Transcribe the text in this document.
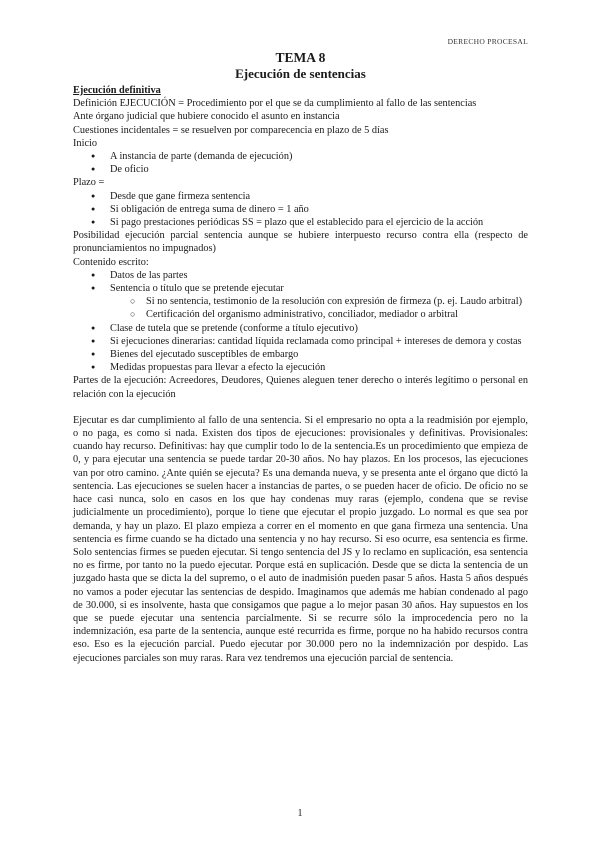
DERECHO PROCESAL
TEMA 8
Ejecución de sentencias
Ejecución definitiva
Definición EJECUCIÓN = Procedimiento por el que se da cumplimiento al fallo de las sentencias
Ante órgano judicial que hubiere conocido el asunto en instancia
Cuestiones incidentales = se resuelven por comparecencia en plazo de 5 días
Inicio
● A instancia de parte (demanda de ejecución)
● De oficio
Plazo =
● Desde que gane firmeza sentencia
● Si obligación de entrega suma de dinero = 1 año
● Si pago prestaciones periódicas SS = plazo que el establecido para el ejercicio de la acción
Posibilidad ejecución parcial sentencia aunque se hubiere interpuesto recurso contra ella (respecto de pronunciamientos no impugnados)
Contenido escrito:
● Datos de las partes
● Sentencia o título que se pretende ejecutar
○ Si no sentencia, testimonio de la resolución con expresión de firmeza (p. ej. Laudo arbitral)
○ Certificación del organismo administrativo, conciliador, mediador o arbitral
● Clase de tutela que se pretende (conforme a título ejecutivo)
● Si ejecuciones dinerarias: cantidad líquida reclamada como principal + intereses de demora y costas
● Bienes del ejecutado susceptibles de embargo
● Medidas propuestas para llevar a efecto la ejecución
Partes de la ejecución: Acreedores, Deudores, Quienes aleguen tener derecho o interés legítimo o personal en relación con la ejecución
Ejecutar es dar cumplimiento al fallo de una sentencia. Si el empresario no opta a la readmisión por ejemplo, o no paga, es como si nada. Existen dos tipos de ejecuciones: provisionales y definitivas. Provisionales: cuando hay recurso. Definitivas: hay que cumplir todo lo de la sentencia.Es un procedimiento que empieza de 0, y para ejecutar una sentencia se puede tardar 20-30 años. No hay plazos. En los procesos, las ejecuciones van por otro camino. ¿Ante quién se ejecuta? Es una demanda nueva, y se presenta ante el órgano que dictó la sentencia. Las ejecuciones se suelen hacer a instancias de partes, o se pueden hacer de oficio. De oficio no se hace casi nunca, solo en casos en los que hay condenas muy raras (ejemplo, condena que se revise judicialmente un procedimiento), porque lo tiene que ejecutar el propio juzgado. Lo normal es que sea por demanda, y hay un plazo. El plazo empieza a correr en el momento en que gana firmeza una sentencia. Una sentencia es firme cuando se ha dictado una sentencia y no hay recurso. Si eso ocurre, esa sentencia es firme. Solo sentencias firmes se pueden ejecutar. Si tengo sentencia del JS y lo reclamo en suplicación, esa sentencia no es firme, por tanto no la puedo ejecutar. Porque está en suplicación. Desde que se dicta la sentencia de un juzgado hasta que se dicta la del supremo, o el auto de inadmisión pueden pasar 5 años. Hasta 5 años después no vamos a poder ejecutar las sentencias de despido. Imaginamos que además me habían condenado al pago de 30.000, si es insolvente, hasta que consigamos que pague a lo mejor pasan 30 años. Hay supuestos en los que se puede ejecutar una sentencia parcialmente. Si se recurre sólo la improcedencia pero no la indemnización, esa parte de la sentencia, aunque esté recurrida es firme, porque no ha habido recursos contra eso. Eso es la ejecución parcial. Puedo ejecutar por 30.000 pero no la indemnización por despido. Las ejecuciones parciales son muy raras. Rara vez tendremos una ejecución parcial de sentencia.
1
